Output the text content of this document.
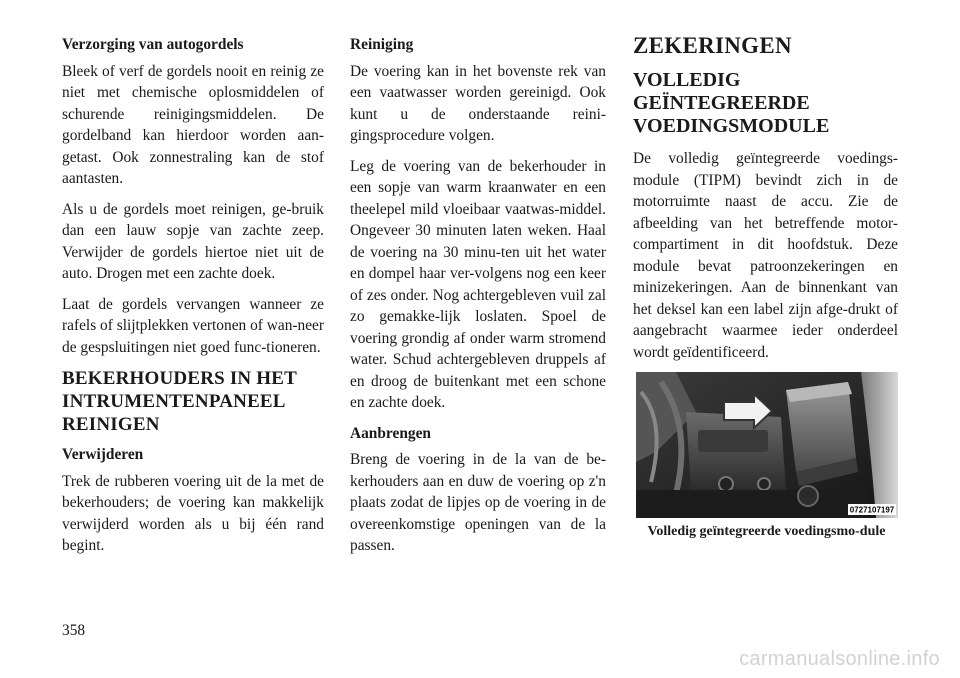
Verzorging van autogordels

Bleek of verf de gordels nooit en reinig ze niet met chemische oplosmiddelen of schurende reinigingsmiddelen. De gordelband kan hierdoor worden aan-getast. Ook zonnestraling kan de stof aantasten.

Als u de gordels moet reinigen, ge-bruik dan een lauw sopje van zachte zeep. Verwijder de gordels hiertoe niet uit de auto. Drogen met een zachte doek.

Laat de gordels vervangen wanneer ze rafels of slijtplekken vertonen of wan-neer de gespsluitingen niet goed func-tioneren.

BEKERHOUDERS IN HET INTRUMENTENPANEEL REINIGEN
Verwijderen

Trek de rubberen voering uit de la met de bekerhouders; de voering kan makkelijk verwijderd worden als u bij één rand begint.

Reiniging

De voering kan in het bovenste rek van een vaatwasser worden gereinigd. Ook kunt u de onderstaande reini-gingsprocedure volgen.

Leg de voering van de bekerhouder in een sopje van warm kraanwater en een theelepel mild vloeibaar vaatwas-middel. Ongeveer 30 minuten laten weken. Haal de voering na 30 minu-ten uit het water en dompel haar ver-volgens nog een keer of zes onder. Nog achtergebleven vuil zal zo gemakke-lijk loslaten. Spoel de voering grondig af onder warm stromend water. Schud achtergebleven druppels af en droog de buitenkant met een schone en zachte doek.

Aanbrengen

Breng de voering in de la van de be-kerhouders aan en duw de voering op z'n plaats zodat de lipjes op de voering in de overeenkomstige openingen van de la passen.

ZEKERINGEN
VOLLEDIG GEÏNTEGREERDE VOEDINGSMODULE

De volledig geïntegreerde voedings-module (TIPM) bevindt zich in de motorruimte naast de accu. Zie de afbeelding van het betreffende motor-compartiment in dit hoofdstuk. Deze module bevat patroonzekeringen en minizekeringen. Aan de binnenkant van het deksel kan een label zijn afge-drukt of aangebracht waarmee ieder onderdeel wordt geïdentificeerd.

0727107197
Volledig geïntegreerde voedingsmo-dule
358
carmanualsonline.info
